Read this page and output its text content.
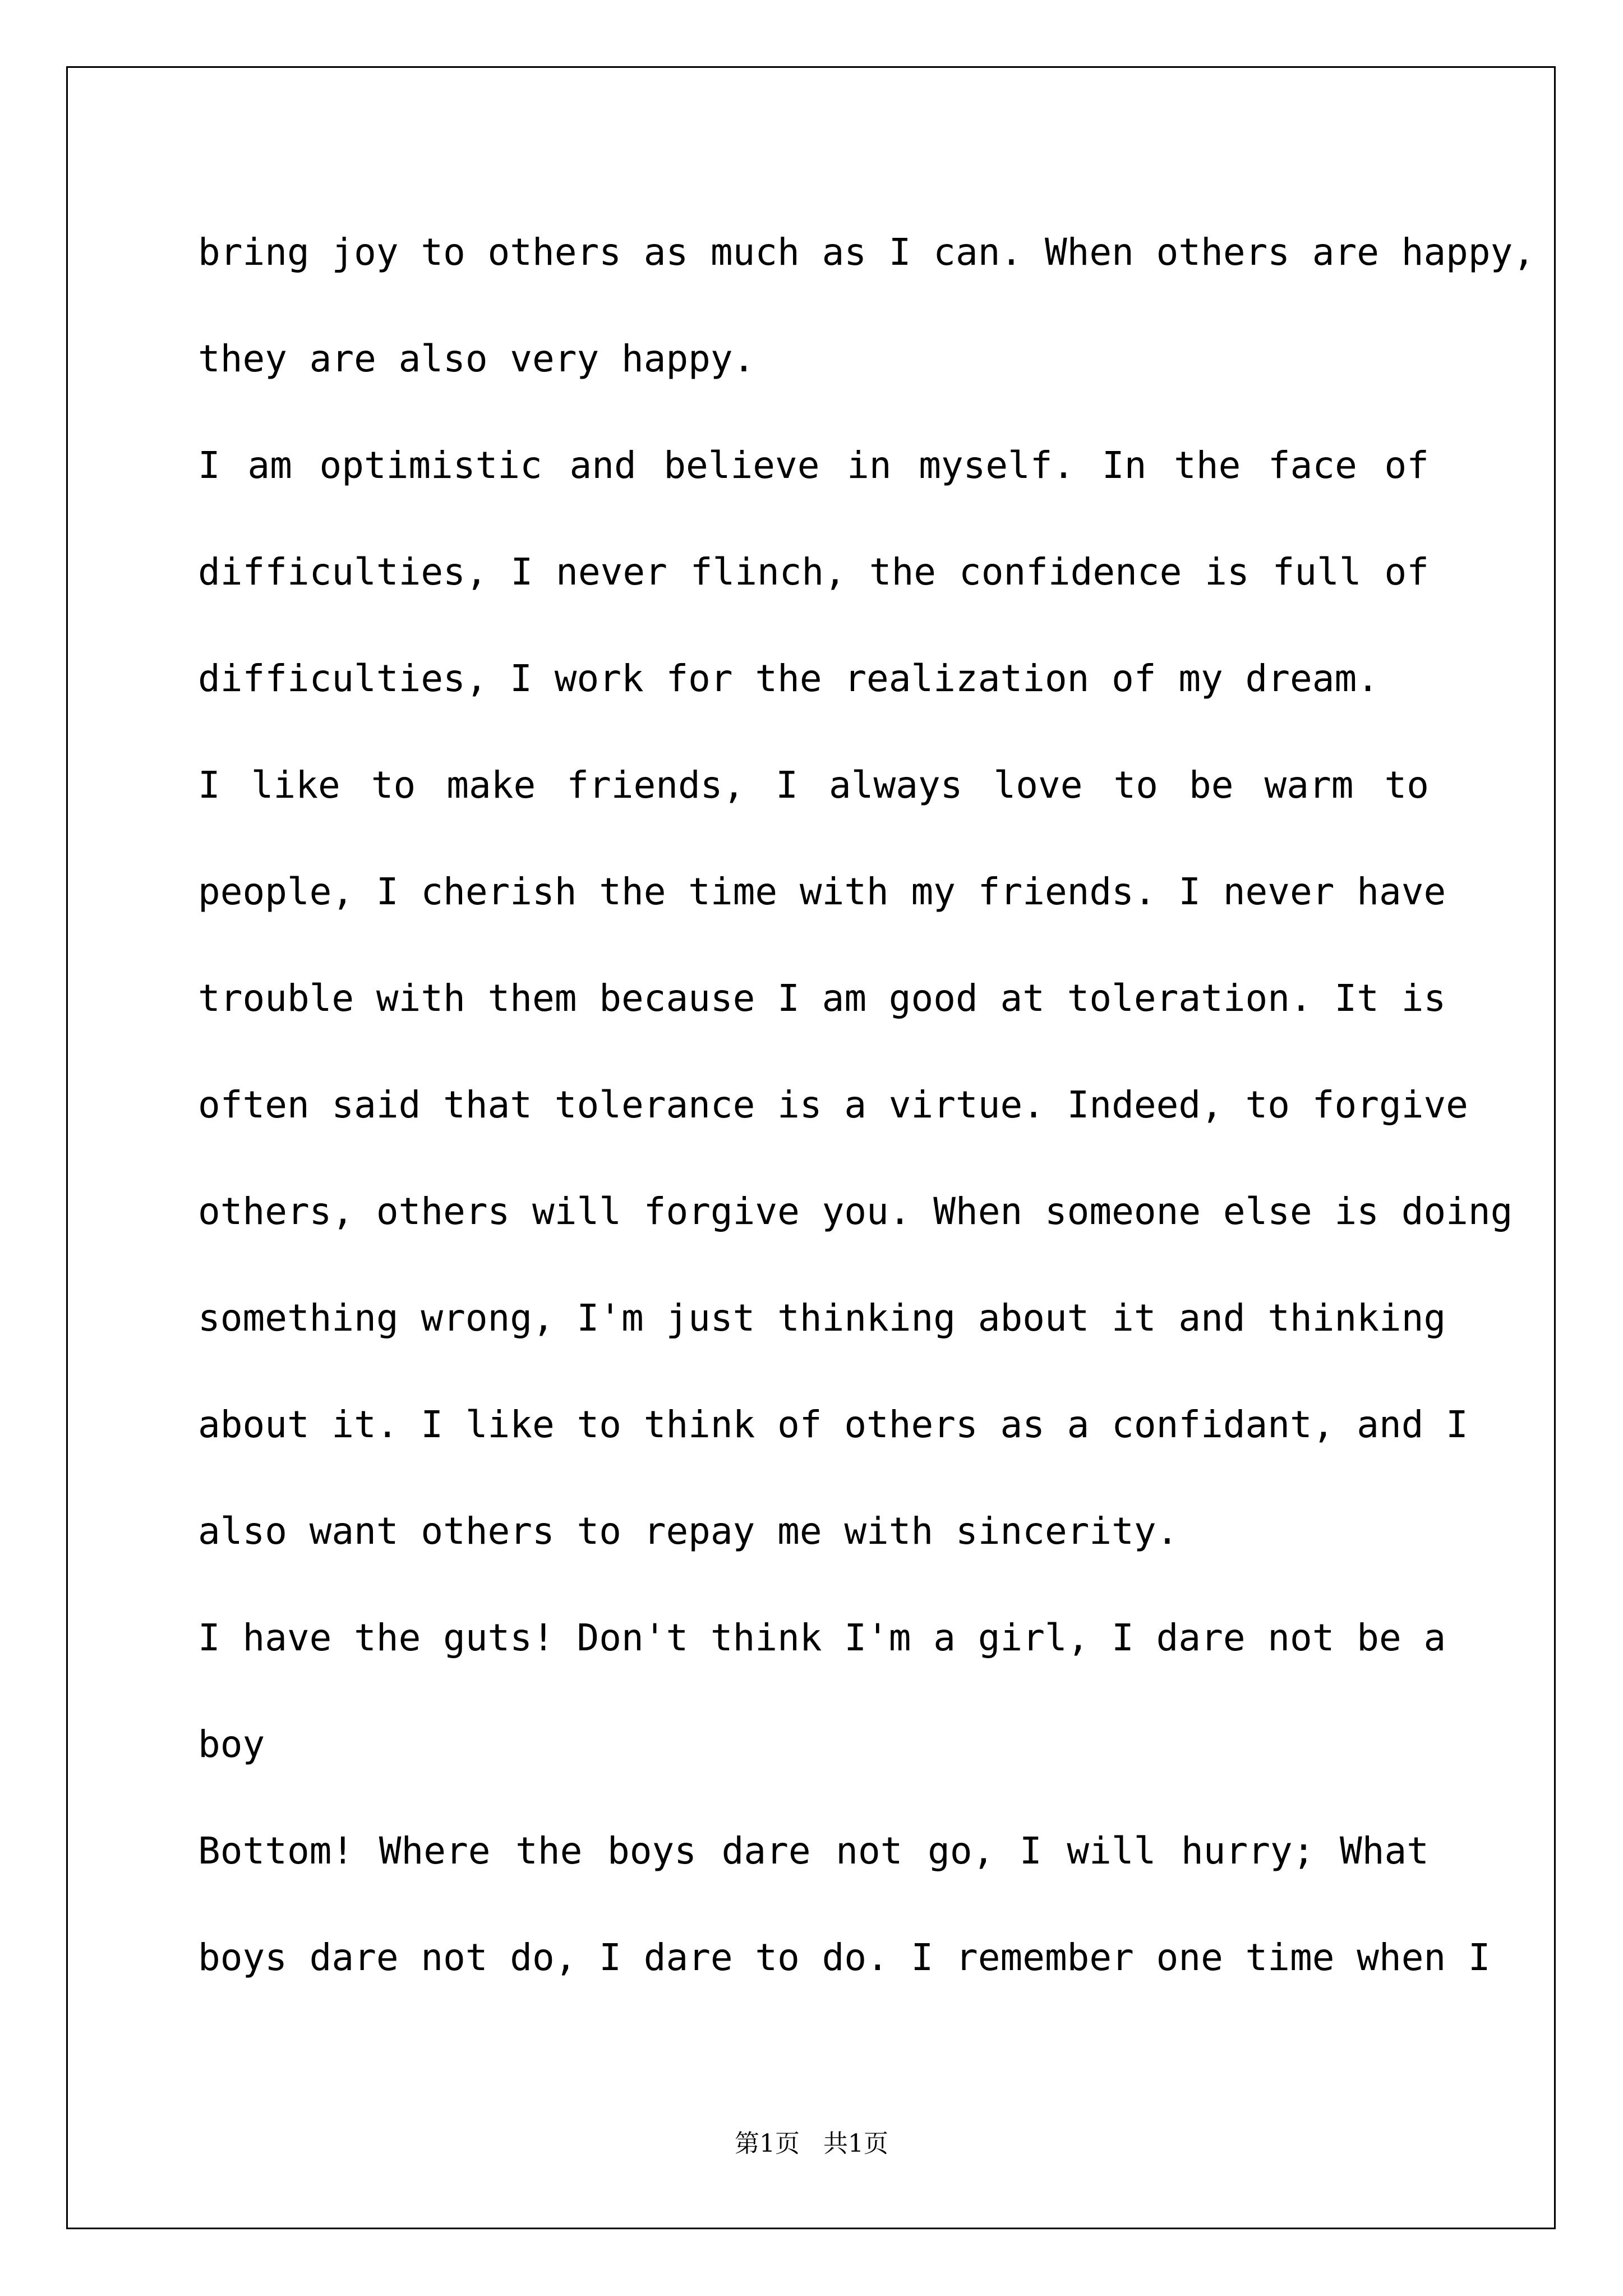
bring joy to others as much as I can. When others are happy,
they are also very happy.
I am optimistic and believe in myself. In the face of
difficulties, I never flinch, the confidence is full of
difficulties, I work for the realization of my dream.
I like to make friends, I always love to be warm to
people, I cherish the time with my friends. I never have
trouble with them because I am good at toleration. It is
often said that tolerance is a virtue. Indeed, to forgive
others, others will forgive you. When someone else is doing
something wrong, I'm just thinking about it and thinking
about it. I like to think of others as a confidant, and I
also want others to repay me with sincerity.
I have the guts! Don't think I'm a girl, I dare not be a
boy
Bottom! Where the boys dare not go, I will hurry; What
boys dare not do, I dare to do. I remember one time when I
第1页   共1页
